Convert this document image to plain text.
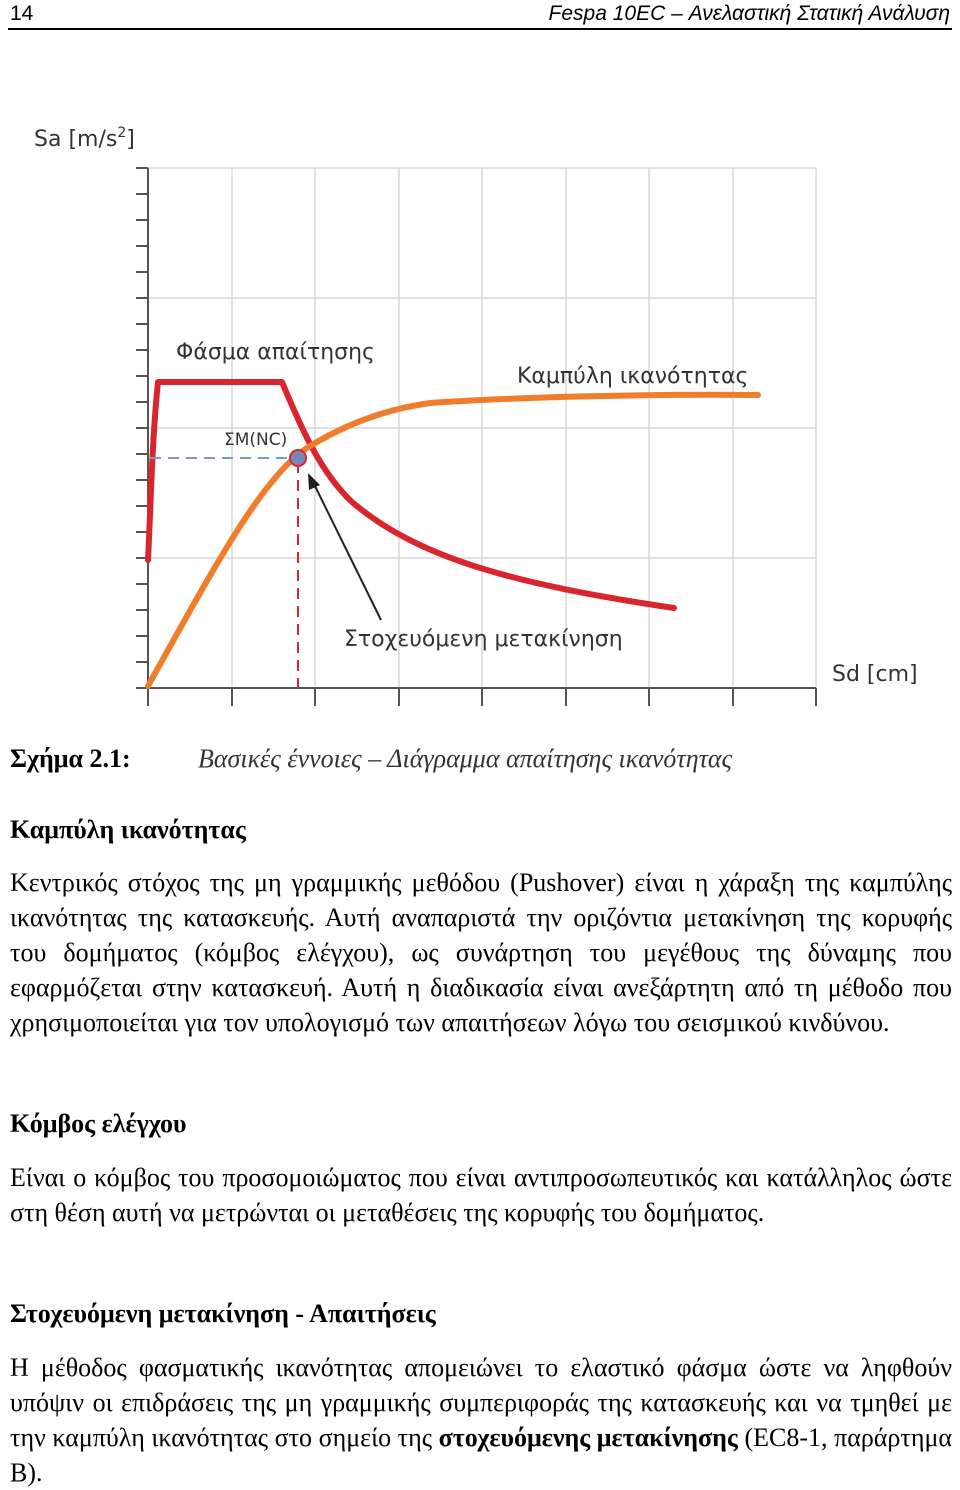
14	Fespa 10EC – Ανελαστική Στατική Ανάλυση
Sa $[m/s^2]$
Sd [cm]
Φάσμα απαίτησης
Καμπύλη ικανότητας
ΣΜ(NC)
Στοχευόμενη μετακίνηση
Σχήμα 2.1:	Βασικές έννοιες – Διάγραμμα απαίτησης ικανότητας
Καμπύλη ικανότητας

Κεντρικός στόχος της μη γραμμικής μεθόδου (Pushover) είναι η χάραξη της καμπύλης ικανότητας της κατασκευής. Αυτή αναπαριστά την οριζόντια μετακίνηση της κορυφής του δομήματος (κόμβος ελέγχου), ως συνάρτηση του μεγέθους της δύναμης που εφαρμόζεται στην κατασκευή. Αυτή η διαδικασία είναι ανεξάρτητη από τη μέθοδο που χρησιμοποιείται για τον υπολογισμό των απαιτήσεων λόγω του σεισμικού κινδύνου.

Κόμβος ελέγχου

Είναι ο κόμβος του προσομοιώματος που είναι αντιπροσωπευτικός και κατάλληλος ώστε στη θέση αυτή να μετρώνται οι μεταθέσεις της κορυφής του δομήματος.

Στοχευόμενη μετακίνηση - Απαιτήσεις

Η μέθοδος φασματικής ικανότητας απομειώνει το ελαστικό φάσμα ώστε να ληφθούν υπόψιν οι επιδράσεις της μη γραμμικής συμπεριφοράς της κατασκευής και να τμηθεί με την καμπύλη ικανότητας στο σημείο της στοχευόμενης μετακίνησης (EC8-1, παράρτημα Β).
